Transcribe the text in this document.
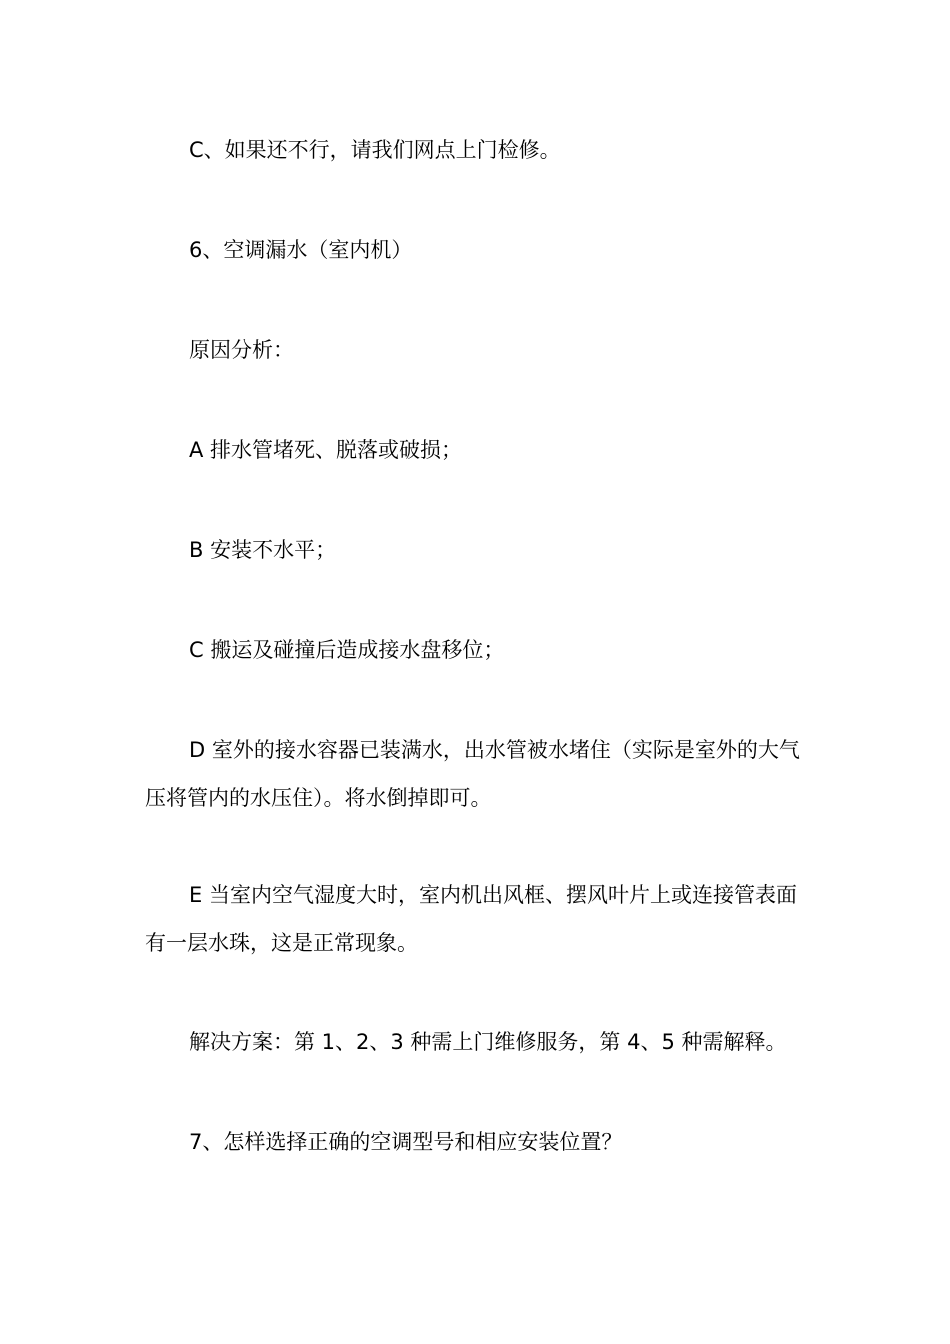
C、如果还不行，请我们网点上门检修。

6、空调漏水（室内机）

原因分析：

A 排水管堵死、脱落或破损；

B 安装不水平；

C 搬运及碰撞后造成接水盘移位；

D 室外的接水容器已装满水，出水管被水堵住（实际是室外的大气压将管内的水压住）。将水倒掉即可。

E 当室内空气湿度大时，室内机出风框、摆风叶片上或连接管表面有一层水珠，这是正常现象。

解决方案：第 1、2、3 种需上门维修服务，第 4、5 种需解释。

7、怎样选择正确的空调型号和相应安装位置？
